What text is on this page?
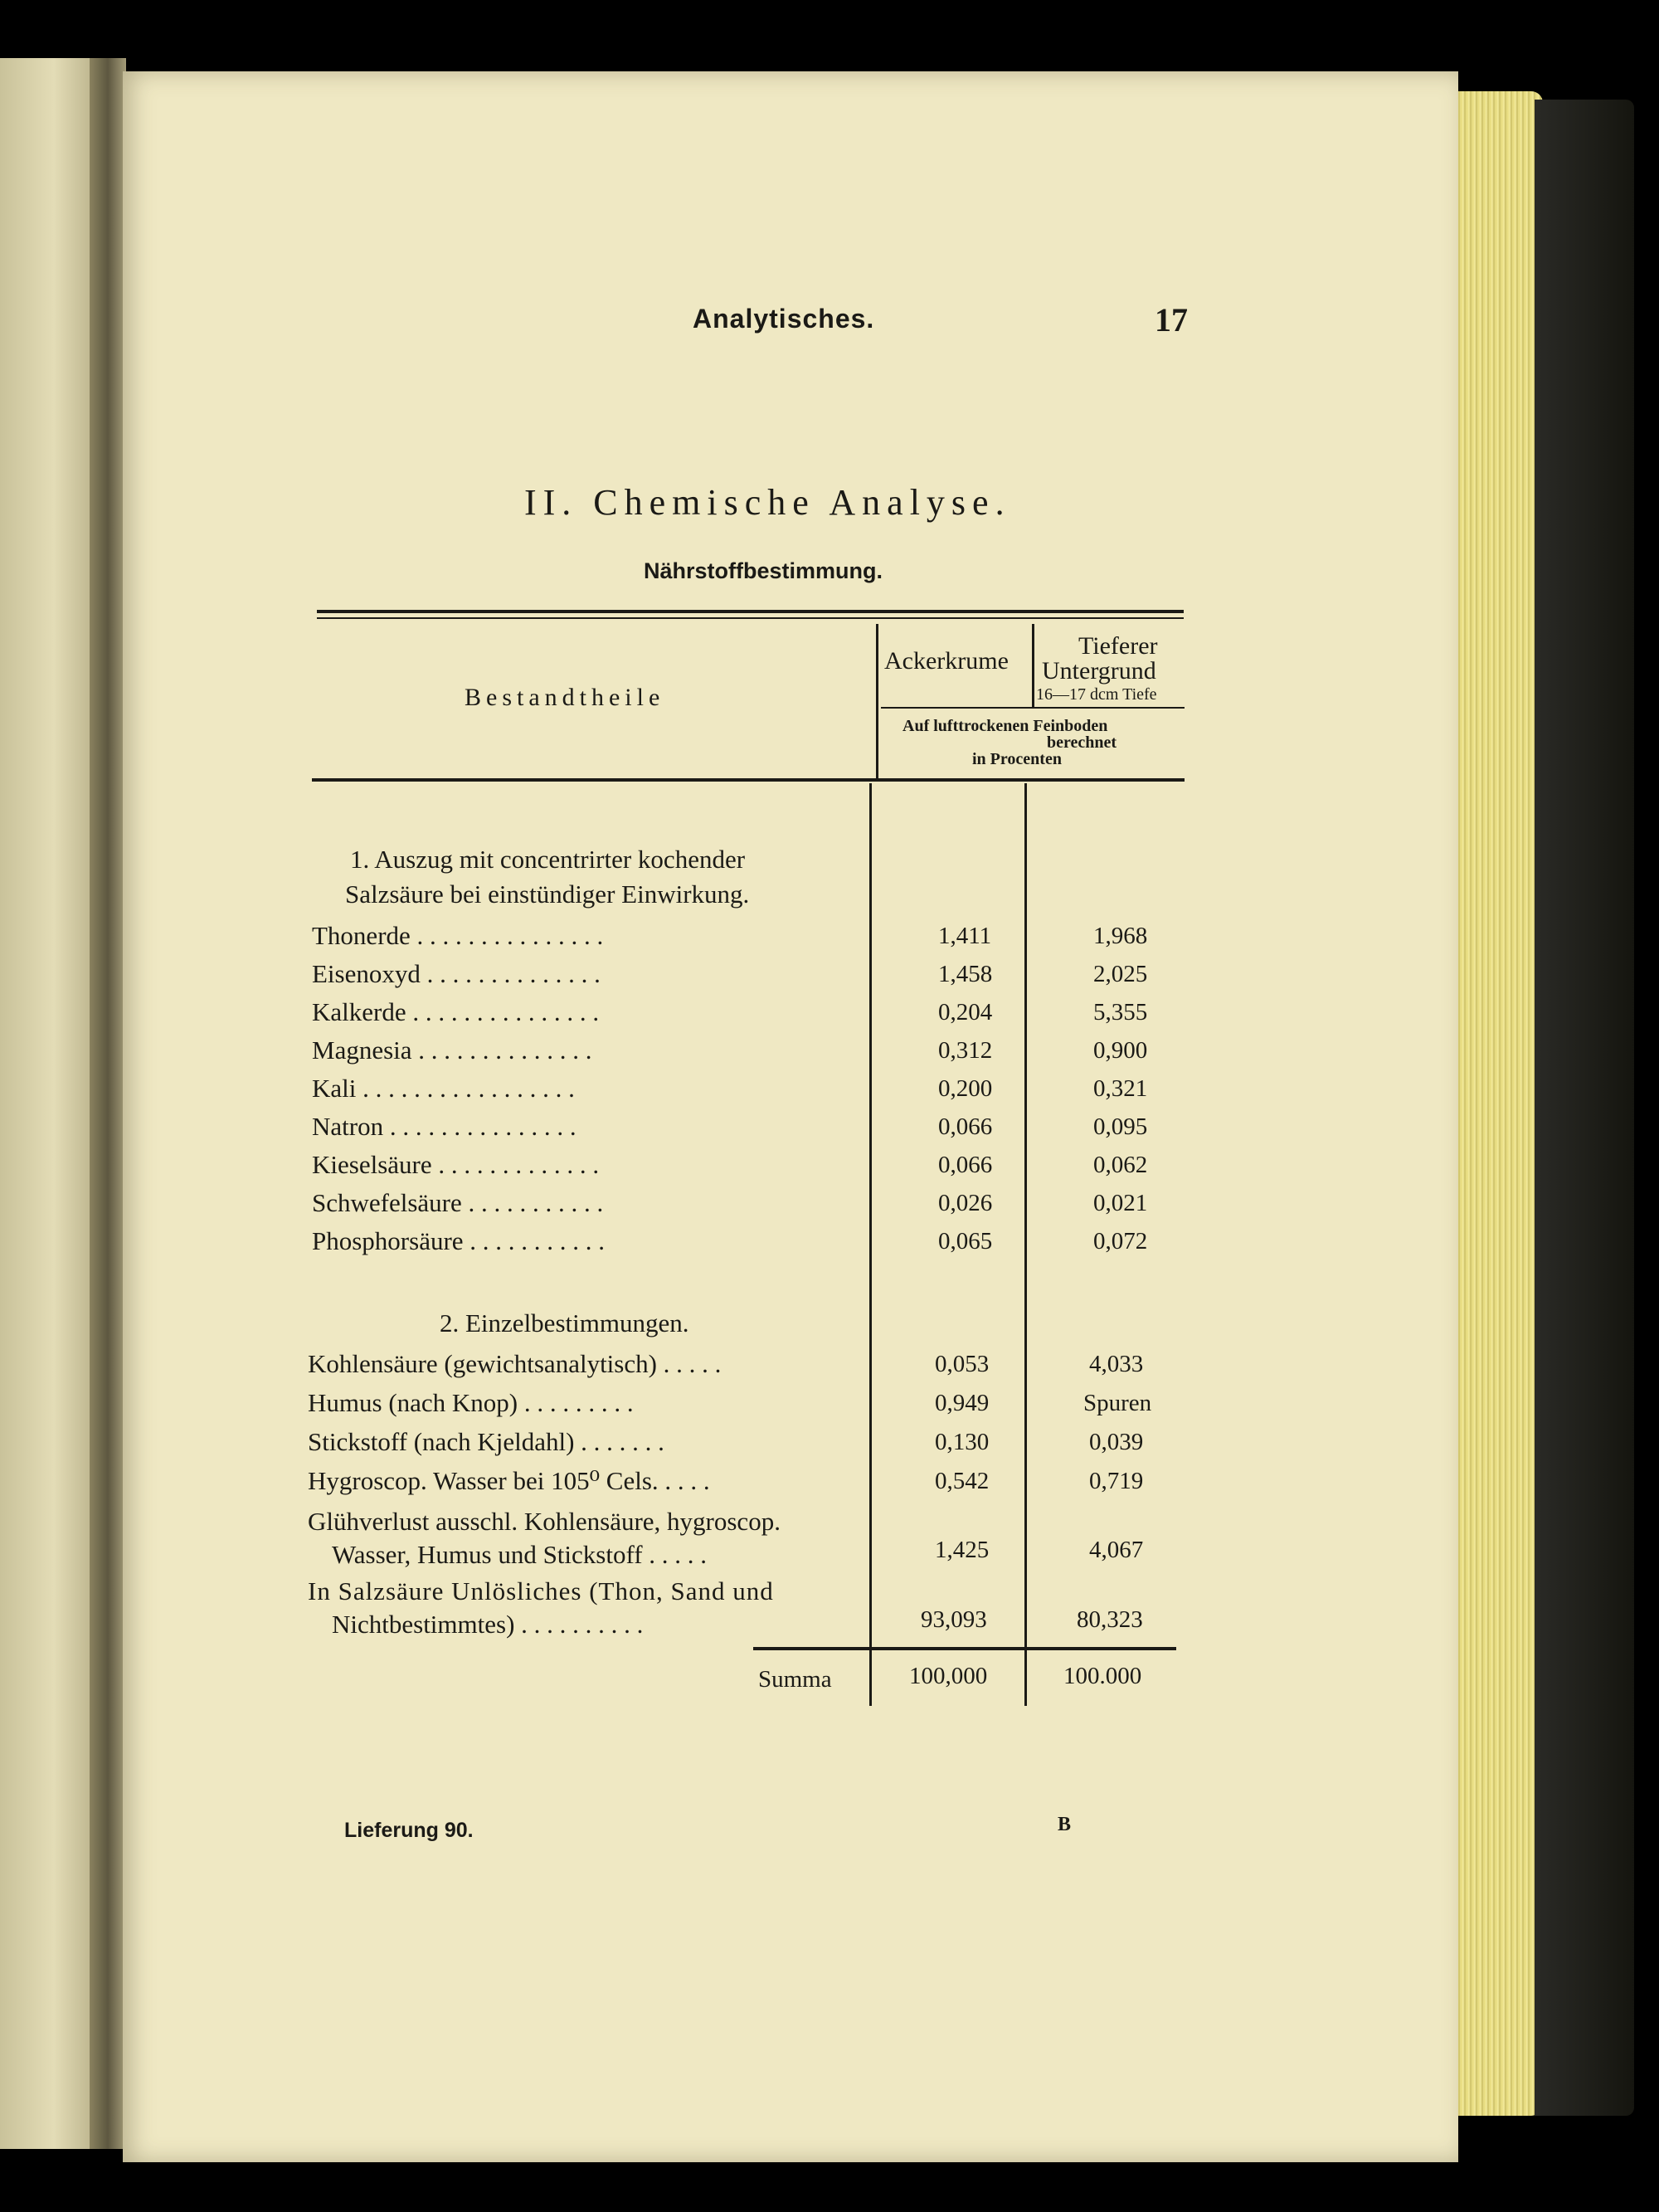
Analytisches.	17
II. Chemische Analyse.
Nährstoffbestimmung.
Bestandtheile
Ackerkrume
Tieferer
Untergrund
16—17 dcm Tiefe
Auf lufttrockenen Feinboden
berechnet
in Procenten
1. Auszug mit concentrirter kochender
Salzsäure bei einstündiger Einwirkung.
Thonerde . . . . . . . . . . . . . . .	1,411	1,968
Eisenoxyd . . . . . . . . . . . . . .	1,458	2,025
Kalkerde . . . . . . . . . . . . . . .	0,204	5,355
Magnesia . . . . . . . . . . . . . .	0,312	0,900
Kali . . . . . . . . . . . . . . . . .	0,200	0,321
Natron . . . . . . . . . . . . . . .	0,066	0,095
Kieselsäure . . . . . . . . . . . . .	0,066	0,062
Schwefelsäure . . . . . . . . . . .	0,026	0,021
Phosphorsäure . . . . . . . . . . .	0,065	0,072
2. Einzelbestimmungen.
Kohlensäure (gewichtsanalytisch) . . . . .	0,053	4,033
Humus (nach Knop) . . . . . . . . .	0,949	Spuren
Stickstoff (nach Kjeldahl) . . . . . . .	0,130	0,039
Hygroscop. Wasser bei 105⁰ Cels. . . . .	0,542	0,719
Glühverlust ausschl. Kohlensäure, hygroscop.
Wasser, Humus und Stickstoff . . . . .	1,425	4,067
In Salzsäure Unlösliches (Thon, Sand und
Nichtbestimmtes) . . . . . . . . . .	93,093	80,323
Summa	100,000	100.000
Lieferung 90.	B
